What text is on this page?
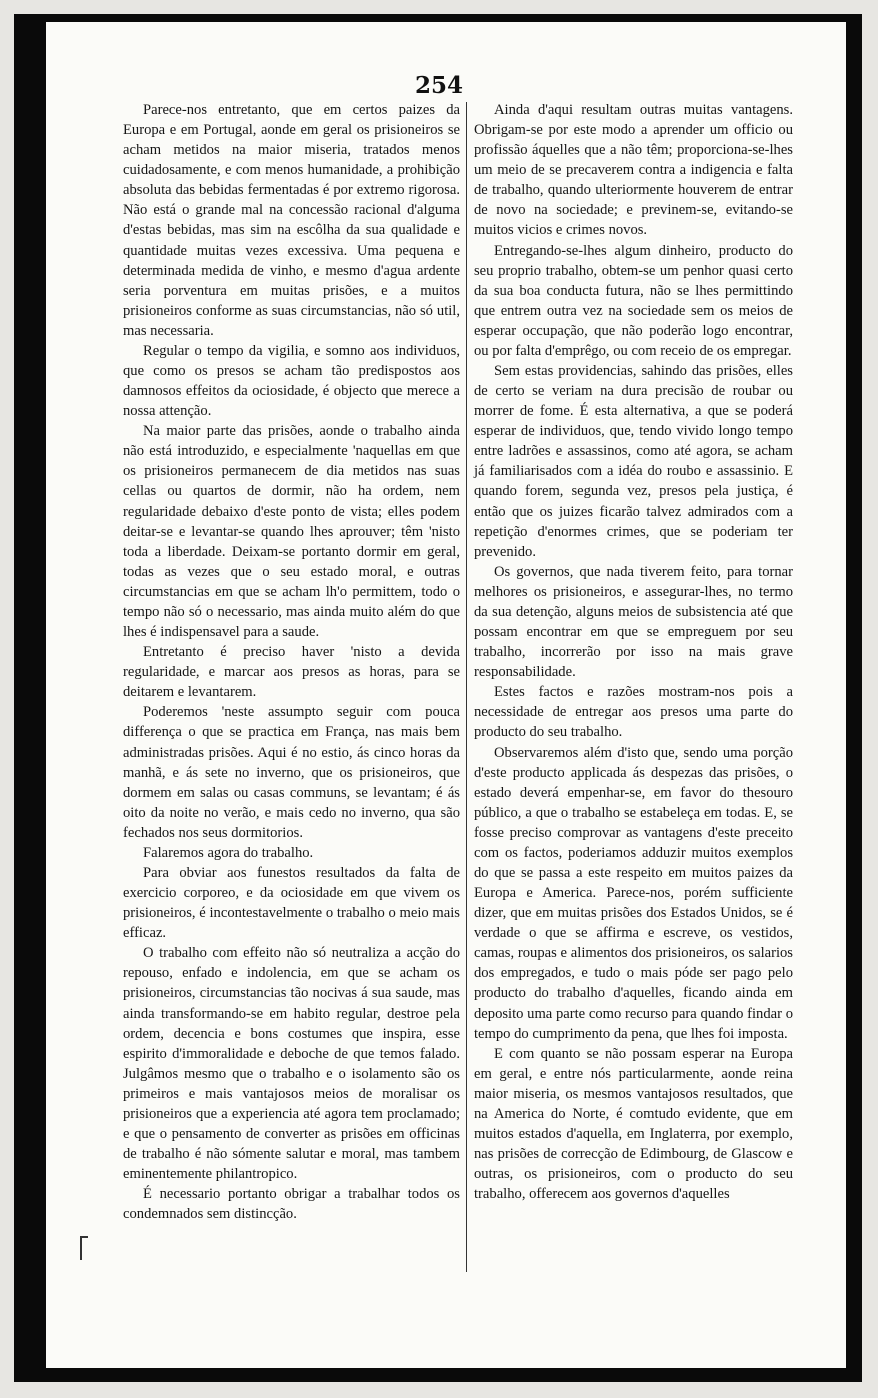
254

Parece-nos entretanto, que em certos paizes da Europa e em Portugal, aonde em geral os prisioneiros se acham metidos na maior miseria, tratados menos cuidadosamente, e com menos humanidade, a prohibição absoluta das bebidas fermentadas é por extremo rigorosa. Não está o grande mal na concessão racional d'alguma d'estas bebidas, mas sim na escôlha da sua qualidade e quantidade muitas vezes excessiva. Uma pequena e determinada medida de vinho, e mesmo d'agua ardente seria porventura em muitas prisões, e a muitos prisioneiros conforme as suas circumstancias, não só util, mas necessaria.

Regular o tempo da vigilia, e somno aos individuos, que como os presos se acham tão predispostos aos damnosos effeitos da ociosidade, é objecto que merece a nossa attenção.

Na maior parte das prisões, aonde o trabalho ainda não está introduzido, e especialmente 'naquellas em que os prisioneiros permanecem de dia metidos nas suas cellas ou quartos de dormir, não ha ordem, nem regularidade debaixo d'este ponto de vista; elles podem deitar-se e levantar-se quando lhes aprouver; têm 'nisto toda a liberdade. Deixam-se portanto dormir em geral, todas as vezes que o seu estado moral, e outras circumstancias em que se acham lh'o permittem, todo o tempo não só o necessario, mas ainda muito além do que lhes é indispensavel para a saude.

Entretanto é preciso haver 'nisto a devida regularidade, e marcar aos presos as horas, para se deitarem e levantarem.

Poderemos 'neste assumpto seguir com pouca differença o que se practica em França, nas mais bem administradas prisões. Aqui é no estio, ás cinco horas da manhã, e ás sete no inverno, que os prisioneiros, que dormem em salas ou casas communs, se levantam; é ás oito da noite no verão, e mais cedo no inverno, qua são fechados nos seus dormitorios.

Falaremos agora do trabalho.

Para obviar aos funestos resultados da falta de exercicio corporeo, e da ociosidade em que vivem os prisioneiros, é incontestavelmente o trabalho o meio mais efficaz.

O trabalho com effeito não só neutraliza a acção do repouso, enfado e indolencia, em que se acham os prisioneiros, circumstancias tão nocivas á sua saude, mas ainda transformando-se em habito regular, destroe pela ordem, decencia e bons costumes que inspira, esse espirito d'immoralidade e deboche de que temos falado. Julgâmos mesmo que o trabalho e o isolamento são os primeiros e mais vantajosos meios de moralisar os prisioneiros que a experiencia até agora tem proclamado; e que o pensamento de converter as prisões em officinas de trabalho é não sómente salutar e moral, mas tambem eminentemente philantropico.

É necessario portanto obrigar a trabalhar todos os condemnados sem distincção.

Ainda d'aqui resultam outras muitas vantagens. Obrigam-se por este modo a aprender um officio ou profissão áquelles que a não têm; proporciona-se-lhes um meio de se precaverem contra a indigencia e falta de trabalho, quando ulteriormente houverem de entrar de novo na sociedade; e previnem-se, evitando-se muitos vicios e crimes novos.

Entregando-se-lhes algum dinheiro, producto do seu proprio trabalho, obtem-se um penhor quasi certo da sua boa conducta futura, não se lhes permittindo que entrem outra vez na sociedade sem os meios de esperar occupação, que não poderão logo encontrar, ou por falta d'emprêgo, ou com receio de os empregar.

Sem estas providencias, sahindo das prisões, elles de certo se veriam na dura precisão de roubar ou morrer de fome. É esta alternativa, a que se poderá esperar de individuos, que, tendo vivido longo tempo entre ladrões e assassinos, como até agora, se acham já familiarisados com a idéa do roubo e assassinio. E quando forem, segunda vez, presos pela justiça, é então que os juizes ficarão talvez admirados com a repetição d'enormes crimes, que se poderiam ter prevenido.

Os governos, que nada tiverem feito, para tornar melhores os prisioneiros, e assegurar-lhes, no termo da sua detenção, alguns meios de subsistencia até que possam encontrar em que se empreguem por seu trabalho, incorrerão por isso na mais grave responsabilidade.

Estes factos e razões mostram-nos pois a necessidade de entregar aos presos uma parte do producto do seu trabalho.

Observaremos além d'isto que, sendo uma porção d'este producto applicada ás despezas das prisões, o estado deverá empenhar-se, em favor do thesouro público, a que o trabalho se estabeleça em todas. E, se fosse preciso comprovar as vantagens d'este preceito com os factos, poderiamos adduzir muitos exemplos do que se passa a este respeito em muitos paizes da Europa e America. Parece-nos, porém sufficiente dizer, que em muitas prisões dos Estados Unidos, se é verdade o que se affirma e escreve, os vestidos, camas, roupas e alimentos dos prisioneiros, os salarios dos empregados, e tudo o mais póde ser pago pelo producto do trabalho d'aquelles, ficando ainda em deposito uma parte como recurso para quando findar o tempo do cumprimento da pena, que lhes foi imposta.

E com quanto se não possam esperar na Europa em geral, e entre nós particularmente, aonde reina maior miseria, os mesmos vantajosos resultados, que na America do Norte, é comtudo evidente, que em muitos estados d'aquella, em Inglaterra, por exemplo, nas prisões de correcção de Edimbourg, de Glascow e outras, os prisioneiros, com o producto do seu trabalho, offerecem aos governos d'aquelles
